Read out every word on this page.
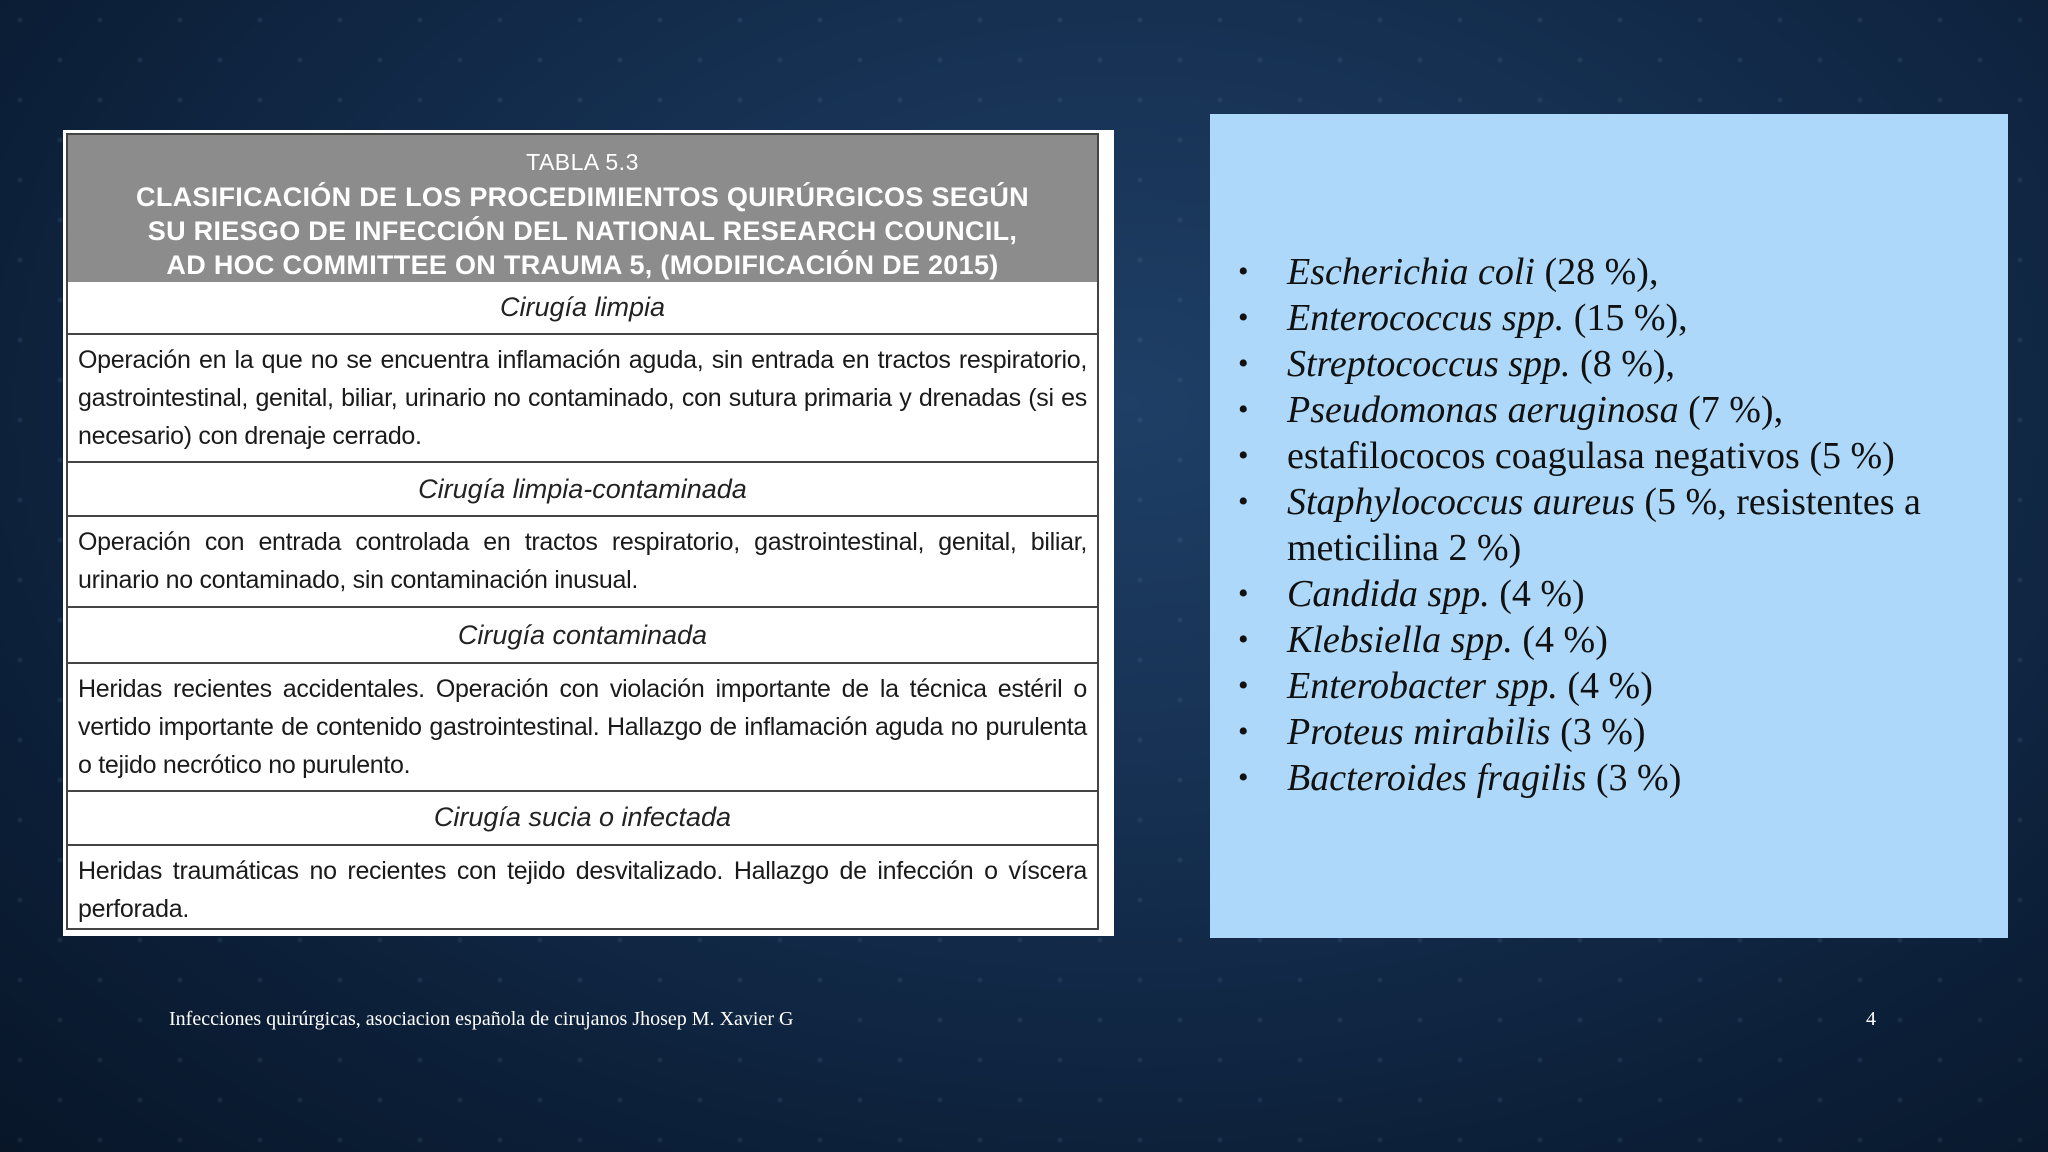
TABLA 5.3
CLASIFICACIÓN DE LOS PROCEDIMIENTOS QUIRÚRGICOS SEGÚN
SU RIESGO DE INFECCIÓN DEL NATIONAL RESEARCH COUNCIL,
AD HOC COMMITTEE ON TRAUMA 5, (MODIFICACIÓN DE 2015)
Cirugía limpia
Operación en la que no se encuentra inflamación aguda, sin entrada en tractos respiratorio, gastrointestinal, genital, biliar, urinario no contaminado, con sutura primaria y drenadas (si es necesario) con drenaje cerrado.
Cirugía limpia-contaminada
Operación con entrada controlada en tractos respiratorio, gastrointestinal, genital, biliar, urinario no contaminado, sin contaminación inusual.
Cirugía contaminada
Heridas recientes accidentales. Operación con violación importante de la técnica estéril o vertido importante de contenido gastrointestinal. Hallazgo de inflamación aguda no purulenta o tejido necrótico no purulento.
Cirugía sucia o infectada
Heridas traumáticas no recientes con tejido desvitalizado. Hallazgo de infección o víscera perforada.
• Escherichia coli (28 %),
• Enterococcus spp. (15 %),
• Streptococcus spp. (8 %),
• Pseudomonas aeruginosa (7 %),
• estafilococos coagulasa negativos (5 %)
• Staphylococcus aureus (5 %, resistentes a meticilina 2 %)
• Candida spp. (4 %)
• Klebsiella spp. (4 %)
• Enterobacter spp. (4 %)
• Proteus mirabilis (3 %)
• Bacteroides fragilis (3 %)
Infecciones quirúrgicas, asociacion española de cirujanos Jhosep M. Xavier G	4
